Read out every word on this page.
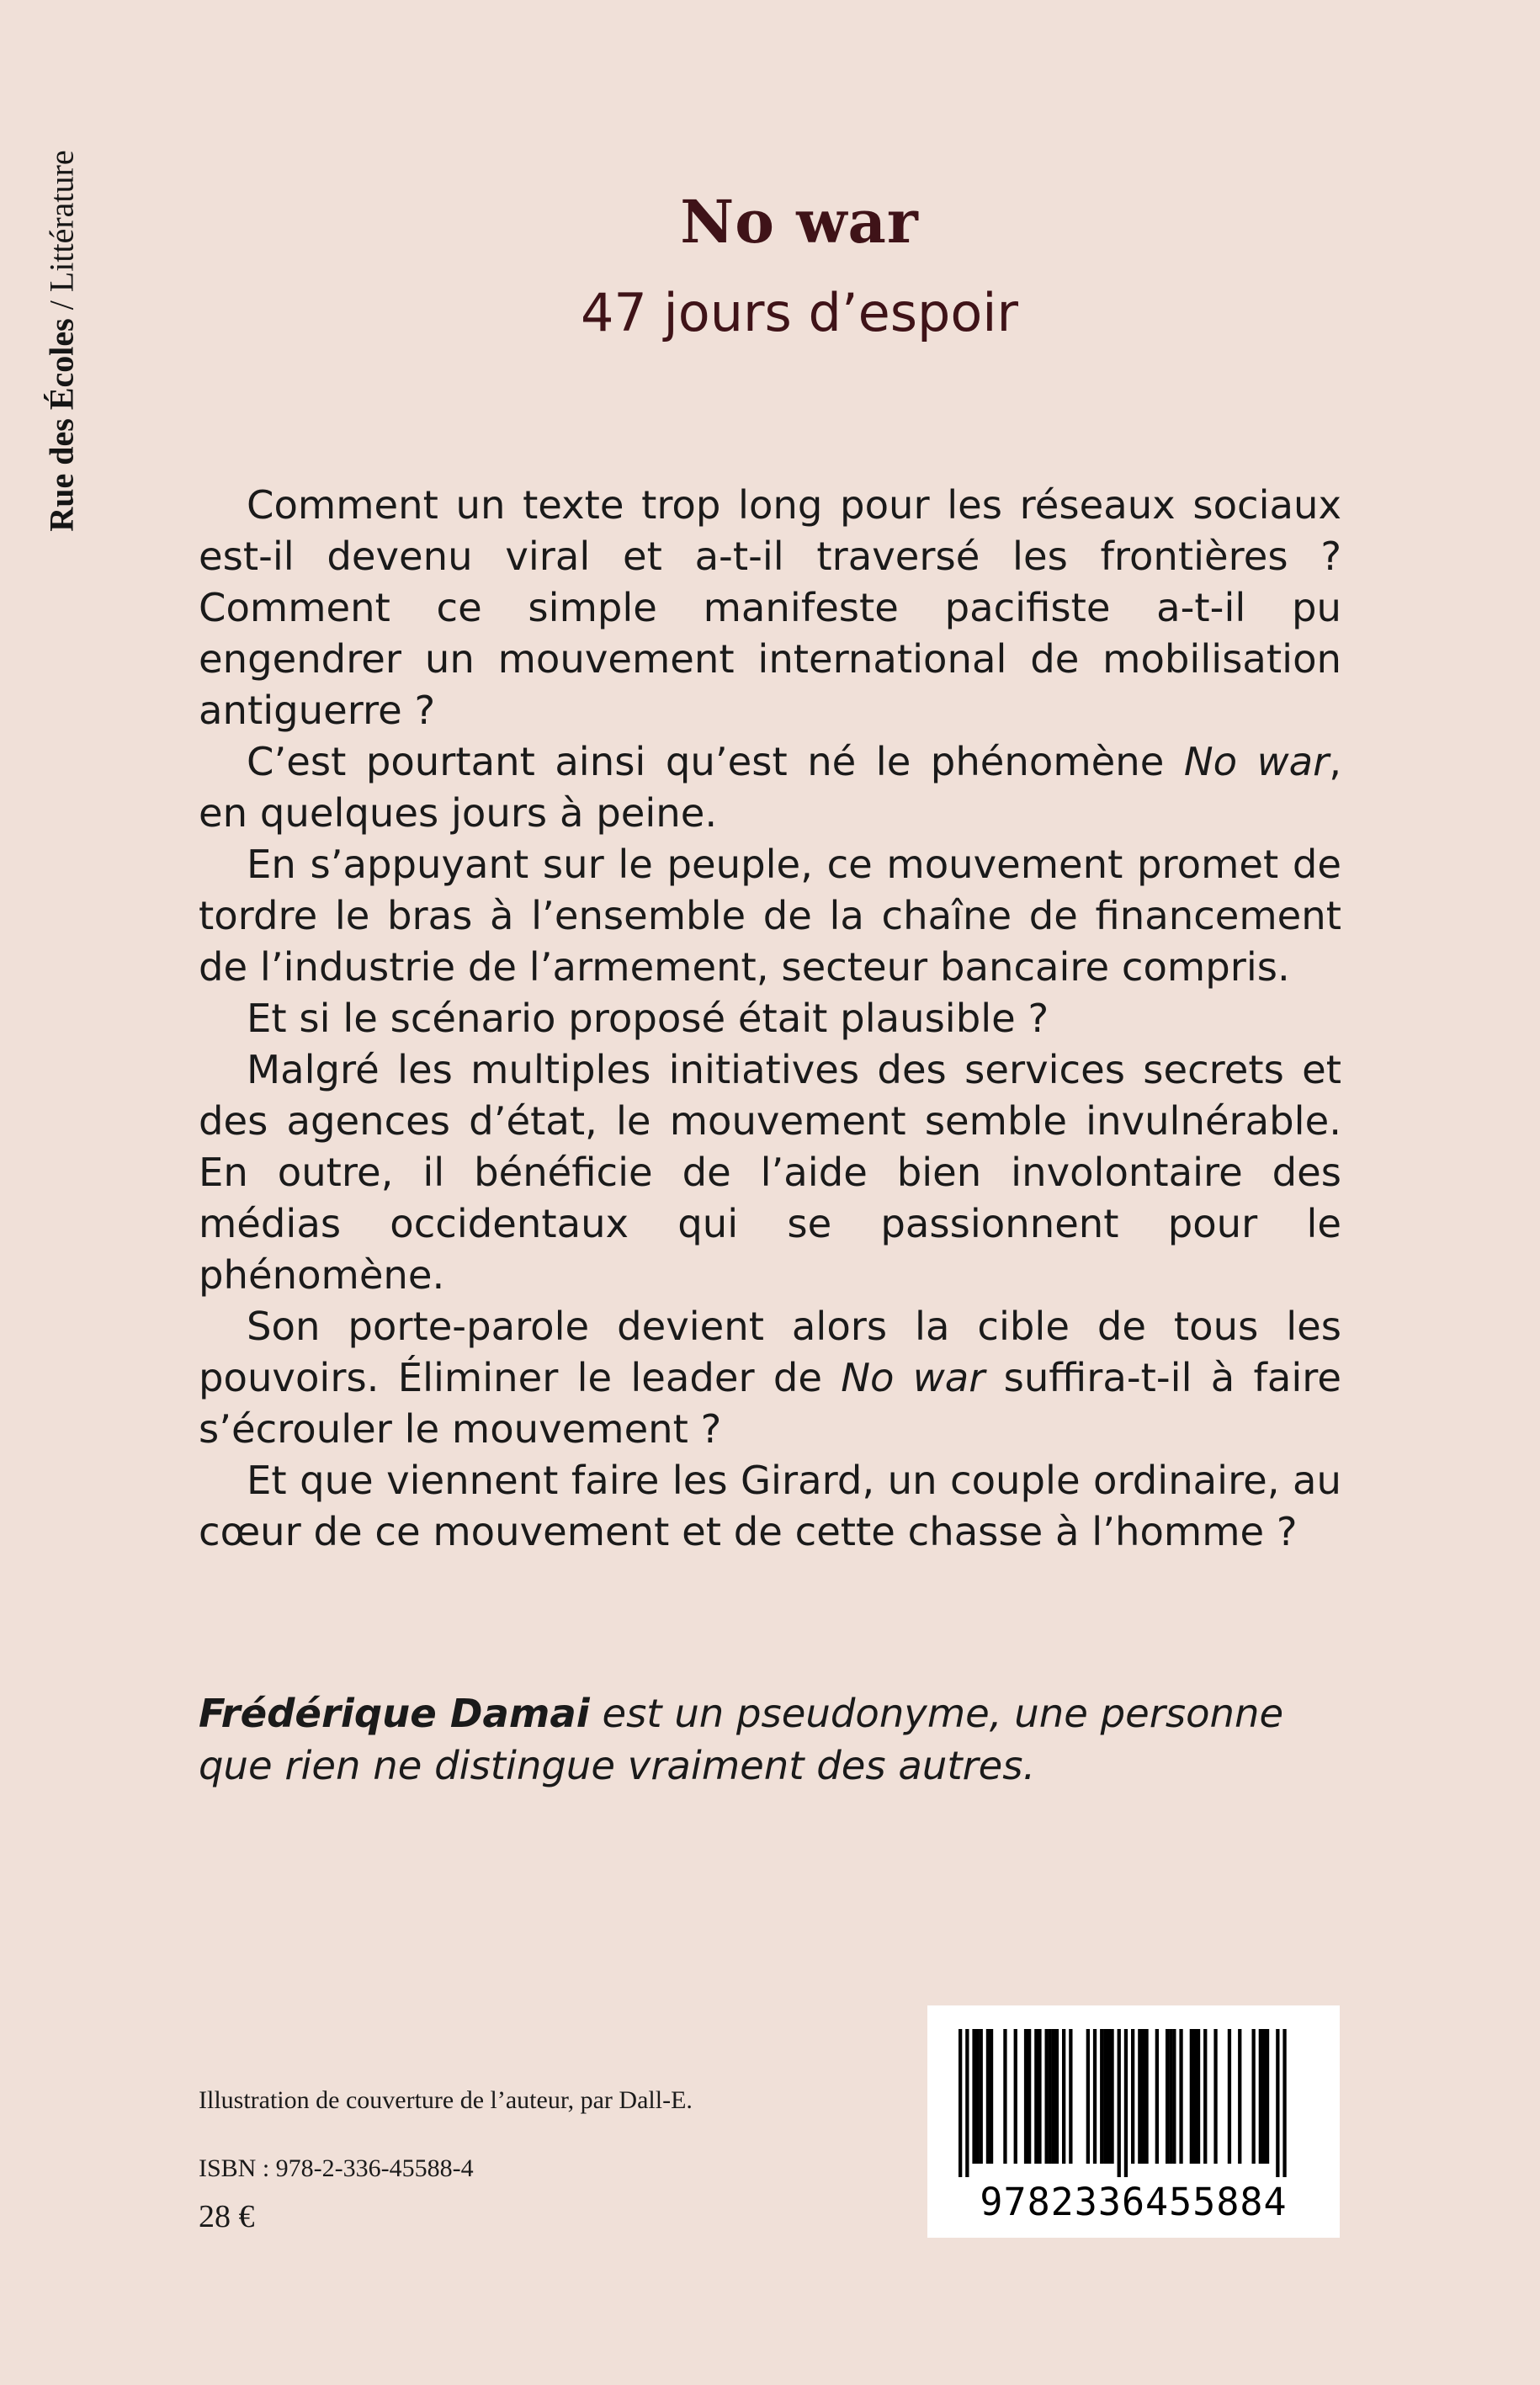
Rue des Écoles / Littérature	No war
47 jours d’espoir

Comment un texte trop long pour les réseaux sociaux est-il devenu viral et a-t-il traversé les frontières ? Comment ce simple manifeste pacifiste a-t-il pu engendrer un mouvement international de mobilisation antiguerre ?

C’est pourtant ainsi qu’est né le phénomène No war, en quelques jours à peine.

En s’appuyant sur le peuple, ce mouvement promet de tordre le bras à l’ensemble de la chaîne de financement de l’industrie de l’armement, secteur bancaire compris.

Et si le scénario proposé était plausible ?

Malgré les multiples initiatives des services secrets et des agences d’état, le mouvement semble invulnérable. En outre, il bénéficie de l’aide bien involontaire des médias occidentaux qui se passionnent pour le phénomène.

Son porte-parole devient alors la cible de tous les pouvoirs. Éliminer le leader de No war suffira-t-il à faire s’écrouler le mouvement ?

Et que viennent faire les Girard, un couple ordinaire, au cœur de ce mouvement et de cette chasse à l’homme ?

Frédérique Damai est un pseudonyme, une personne que rien ne distingue vraiment des autres.
Illustration de couverture de l’auteur, par Dall-E.
ISBN : 978-2-336-45588-4
28 €	9782336455884
